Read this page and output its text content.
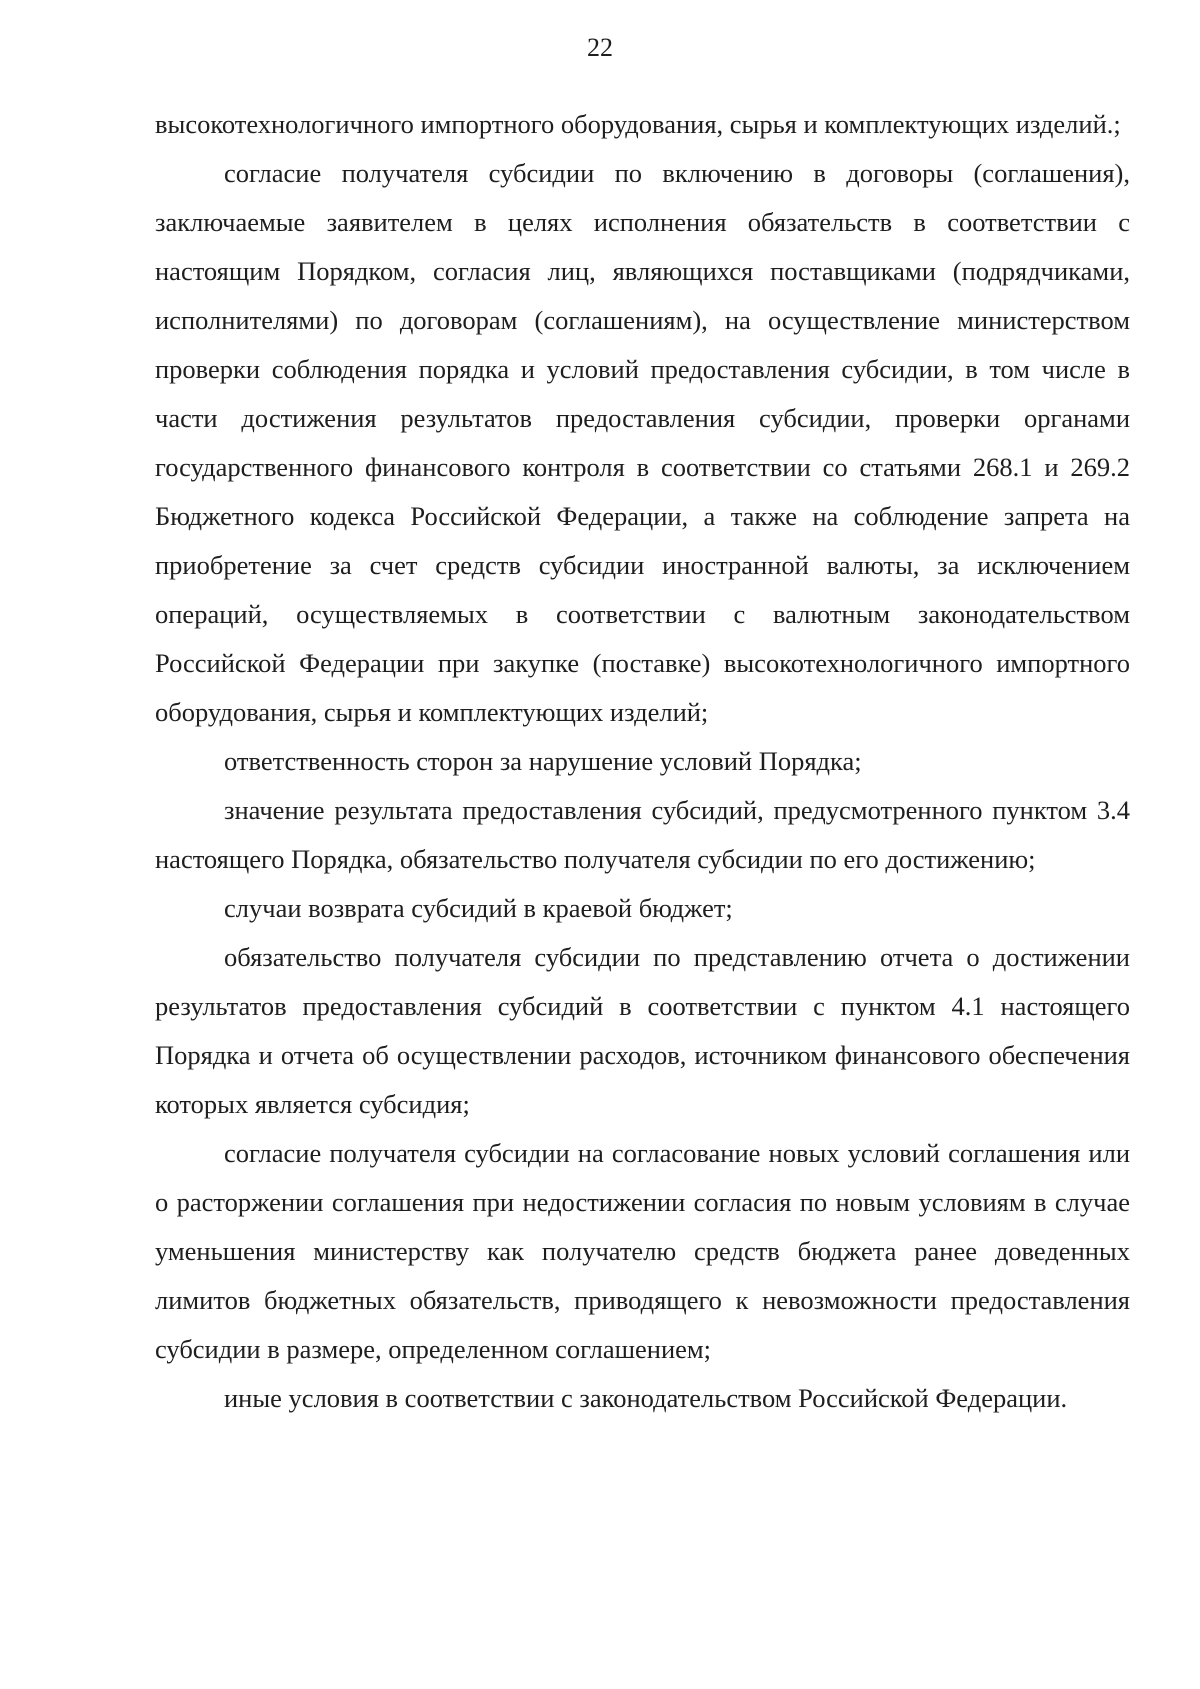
22

высокотехнологичного импортного оборудования, сырья и комплектующих изделий.;

согласие получателя субсидии по включению в договоры (соглашения), заключаемые заявителем в целях исполнения обязательств в соответствии с настоящим Порядком, согласия лиц, являющихся поставщиками (подрядчиками, исполнителями) по договорам (соглашениям), на осуществление министерством проверки соблюдения порядка и условий предоставления субсидии, в том числе в части достижения результатов предоставления субсидии, проверки органами государственного финансового контроля в соответствии со статьями 268.1 и 269.2 Бюджетного кодекса Российской Федерации, а также на соблюдение запрета на приобретение за счет средств субсидии иностранной валюты, за исключением операций, осуществляемых в соответствии с валютным законодательством Российской Федерации при закупке (поставке) высокотехнологичного импортного оборудования, сырья и комплектующих изделий;

ответственность сторон за нарушение условий Порядка;

значение результата предоставления субсидий, предусмотренного пунктом 3.4 настоящего Порядка, обязательство получателя субсидии по его достижению;

случаи возврата субсидий в краевой бюджет;

обязательство получателя субсидии по представлению отчета о достижении результатов предоставления субсидий в соответствии с пунктом 4.1 настоящего Порядка и отчета об осуществлении расходов, источником финансового обеспечения которых является субсидия;

согласие получателя субсидии на согласование новых условий соглашения или о расторжении соглашения при недостижении согласия по новым условиям в случае уменьшения министерству как получателю средств бюджета ранее доведенных лимитов бюджетных обязательств, приводящего к невозможности предоставления субсидии в размере, определенном соглашением;

иные условия в соответствии с законодательством Российской Федерации.
